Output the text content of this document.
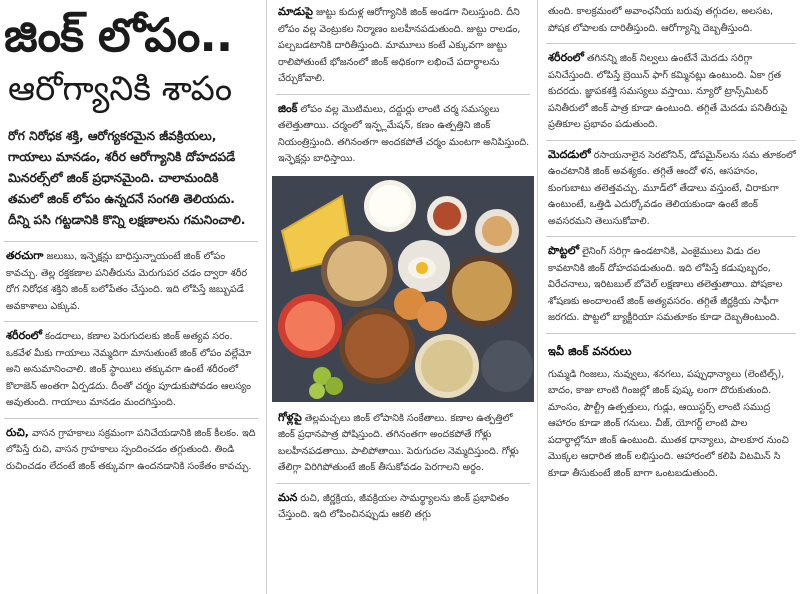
జింక్ లోపం..
ఆరోగ్యానికి శాపం
రోగ నిరోధక శక్తి, ఆరోగ్యకరమైన జీవక్రియలు, గాయాలు మానడం, శరీర ఆరోగ్యానికి దోహదపడే మినరల్స్‌లో జింక్ ప్రధానమైంది. చాలామందికి తమలో జింక్ లోపం ఉన్నదనే సంగతి తెలియదు. దీన్ని పసి గట్టడానికి కొన్ని లక్షణాలను గమనించాలి.
తరచుగా జలుబు, ఇన్ఫెక్షన్లు బాధిస్తున్నాయంటే జింక్ లోపం కావచ్చు. తెల్ల రక్తకణాల పనితీరును మెరుగుపర చడం ద్వారా శరీర రోగ నిరోధక శక్తిని జింక్ బలోపేతం చేస్తుంది. ఇది లోపిస్తే జబ్బుపడే అవకాశాలు ఎక్కువ.
శరీరంలో కండరాలు, కణాల పెరుగుదలకు జింక్ అత్యవ సరం. ఒకవేళ మీకు గాయాలు నెమ్మదిగా మానుతుంటే జింక్ లోపం వల్లేమో అని అనుమానించాలి. జింక్ స్థాయిలు తక్కువగా ఉంటే శరీరంలో కొలాజెన్ అంతగా ఏర్పడదు. దీంతో చర్మం పూడుకుపోవడం ఆలస్యం అవుతుంది. గాయాలు మానడం మందగిస్తుంది.
రుచి, వాసన గ్రాహకాలు సక్రమంగా పనిచేయడానికి జింక్ కీలకం. ఇది లోపిస్తే రుచి, వాసన గ్రాహకాలు స్పందించడం తగ్గుతుంది. తిండి రుచించడం లేదంటే జింక్ తక్కువగా ఉందనడానికి సంకేతం కావచ్చు.
మాడుపై జుట్టు కుదుళ్ల ఆరోగ్యానికి జింక్ అండగా నిలుస్తుంది. దీని లోపం వల్ల వెంట్రుకల నిర్మాణం బలహీనపడుతుంది. జుట్టు రాలడం, పల్చబడటానికి దారితీస్తుంది. మామూలు కంటే ఎక్కువగా జుట్టు రాలిపోతుంటే భోజనంలో జింక్ అధికంగా లభించే పదార్థాలను చేర్చుకోవాలి.
జింక్ లోపం వల్ల మొటిమలు, దద్దుర్లు లాంటి చర్మ సమస్యలు తలెత్తుతాయి. చర్మంలో ఇన్ఫ్లమేషన్, కణం ఉత్పత్తిని జింక్ నియంత్రిస్తుంది. తగినంతగా అందకపోతే చర్మం మంటగా అనిపిస్తుంది. ఇన్ఫెక్షన్లు బాధిస్తాయి.
గోళ్లపై తెల్లమచ్చలు జింక్ లోపానికి సంకేతాలు. కణాల ఉత్పత్తిలో జింక్ ప్రధానపాత్ర పోషిస్తుంది. తగినంతగా అందకపోతే గోళ్లు బలహీనపడతాయి. పాలిపోతాయి. పెరుగుదల నెమ్మదిస్తుంది. గోళ్లు తేలిగ్గా విరిగిపోతుంటే జింక్ తీసుకోవడం పెరగాలని అర్థం.
మన రుచి, జీర్ణక్రియ, జీవక్రియల సామర్థ్యాలను జింక్ ప్రభావితం చేస్తుంది. ఇది లోపించినప్పుడు ఆకలి తగ్గు
తుంది. కాలక్రమంలో అవాంఛనీయ బరువు తగ్గుదల, అలసట, పోషక లోపాలకు దారితీస్తుంది. ఆరోగ్యాన్ని దెబ్బతీస్తుంది.
శరీరంలో తగినన్ని జింక్ నిల్వలు ఉంటేనే మెదడు సరిగ్గా పనిచేస్తుంది. లోపిస్తే బ్రెయిన్ ఫాగ్ కమ్మినట్లు ఉంటుంది. ఏకా గ్రత కుదరదు. జ్ఞాపకశక్తి సమస్యలు వస్తాయి. న్యూరో ట్రాన్స్‌మిటర్ పనితీరులో జింక్ పాత్ర కూడా ఉంటుంది. తగ్గితే మెదడు పనితీరుపై ప్రతికూల ప్రభావం పడుతుంది.
మెదడులో రసాయనాలైన సెరటోనిన్, డోపమైన్‌లను సమ తూకంలో ఉంచటానికి జింక్ అవశ్యకం. తగ్గితే ఆందో ళన, ఆసహనం, కుంగుబాటు తలెత్తవచ్చు. మూడ్‌లో తేడాలు వస్తుంటే, చిరాకుగా ఉంటుంటే, ఒత్తిడి ఎదుర్కోవడం తెలియకుండా ఉంటే జింక్ అవసరమని తెలుసుకోవాలి.
పొట్టలో లైనింగ్ సరిగ్గా ఉండటానికి, ఎంజైములు విడు దల కావటానికి జింక్ దోహదపడుతుంది. ఇది లోపిస్తే కడుపుబ్బరం, విరేచనాలు, ఇరిటబుల్ బోవెల్ లక్షణాలు తలెత్తుతాయి. పోషకాల శోషణకు అందాలంటే జింక్ అత్యవసరం. తగ్గితే జీర్ణక్రియ సాఫీగా జరగదు. పొట్టలో బ్యాక్టీరియా సమతూకం కూడా దెబ్బతింటుంది.
ఇవీ జింక్ వనరులు
గుమ్మడి గింజలు, నువ్వులు, శనగలు, పప్పుధాన్యాలు (లెంటిల్స్), బాదం, కాజు లాంటి గింజల్లో జింక్ పుష్క లంగా దొరుకుతుంది. మాంసం, పౌల్ట్రీ ఉత్పత్తులు, గుడ్లు, ఆయిస్టర్స్ లాంటి సముద్ర ఆహారం కూడా జింక్ గనులు. చీజ్, యోగర్ట్ లాంటి పాల పదార్థాల్లోనూ జింక్ ఉంటుంది. ముతక ధాన్యాలు, పాలకూర నుంచి మొక్కల ఆధారిత జింక్ లభిస్తుంది. ఆహారంలో కలిపి విటమిన్ సి కూడా తీసుకుంటే జింక్ బాగా ఒంటబడుతుంది.
